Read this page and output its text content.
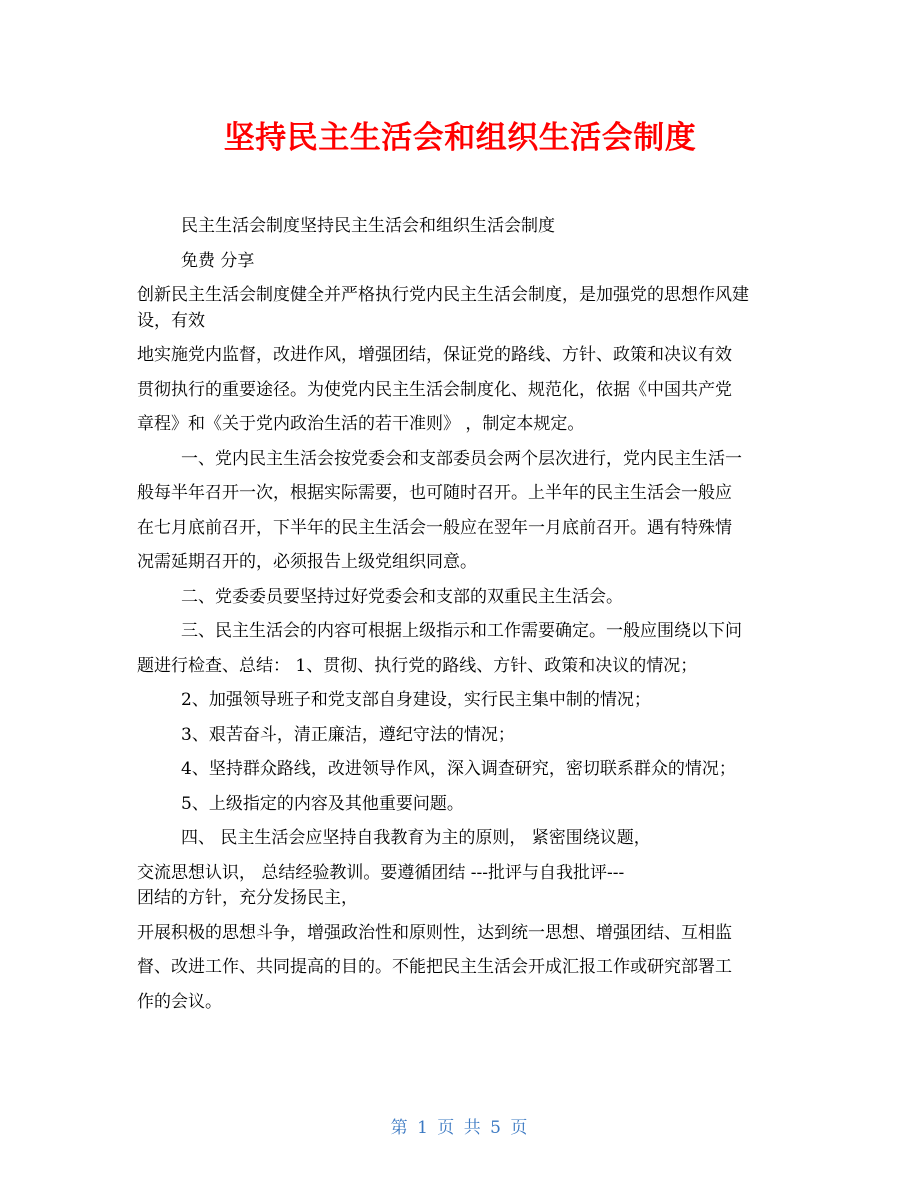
坚持民主生活会和组织生活会制度
民主生活会制度坚持民主生活会和组织生活会制度
免费 分享
创新民主生活会制度健全并严格执行党内民主生活会制度，是加强党的思想作风建
设，有效
地实施党内监督，改进作风，增强团结，保证党的路线、方针、政策和决议有效
贯彻执行的重要途径。为使党内民主生活会制度化、规范化，依据《中国共产党
章程》和《关于党内政治生活的若干准则》 ，制定本规定。
一、党内民主生活会按党委会和支部委员会两个层次进行，党内民主生活一
般每半年召开一次，根据实际需要，也可随时召开。上半年的民主生活会一般应
在七月底前召开，下半年的民主生活会一般应在翌年一月底前召开。遇有特殊情
况需延期召开的，必须报告上级党组织同意。
二、党委委员要坚持过好党委会和支部的双重民主生活会。
三、民主生活会的内容可根据上级指示和工作需要确定。一般应围绕以下问
题进行检查、总结： 1、贯彻、执行党的路线、方针、政策和决议的情况；
2、加强领导班子和党支部自身建设，实行民主集中制的情况；
3、艰苦奋斗，清正廉洁，遵纪守法的情况；
4、坚持群众路线，改进领导作风，深入调查研究，密切联系群众的情况；
5、上级指定的内容及其他重要问题。
四、 民主生活会应坚持自我教育为主的原则， 紧密围绕议题，
交流思想认识， 总结经验教训。要遵循团结 ---批评与自我批评---
团结的方针，充分发扬民主，
开展积极的思想斗争，增强政治性和原则性，达到统一思想、增强团结、互相监
督、改进工作、共同提高的目的。不能把民主生活会开成汇报工作或研究部署工
作的会议。
第 1 页 共 5 页
